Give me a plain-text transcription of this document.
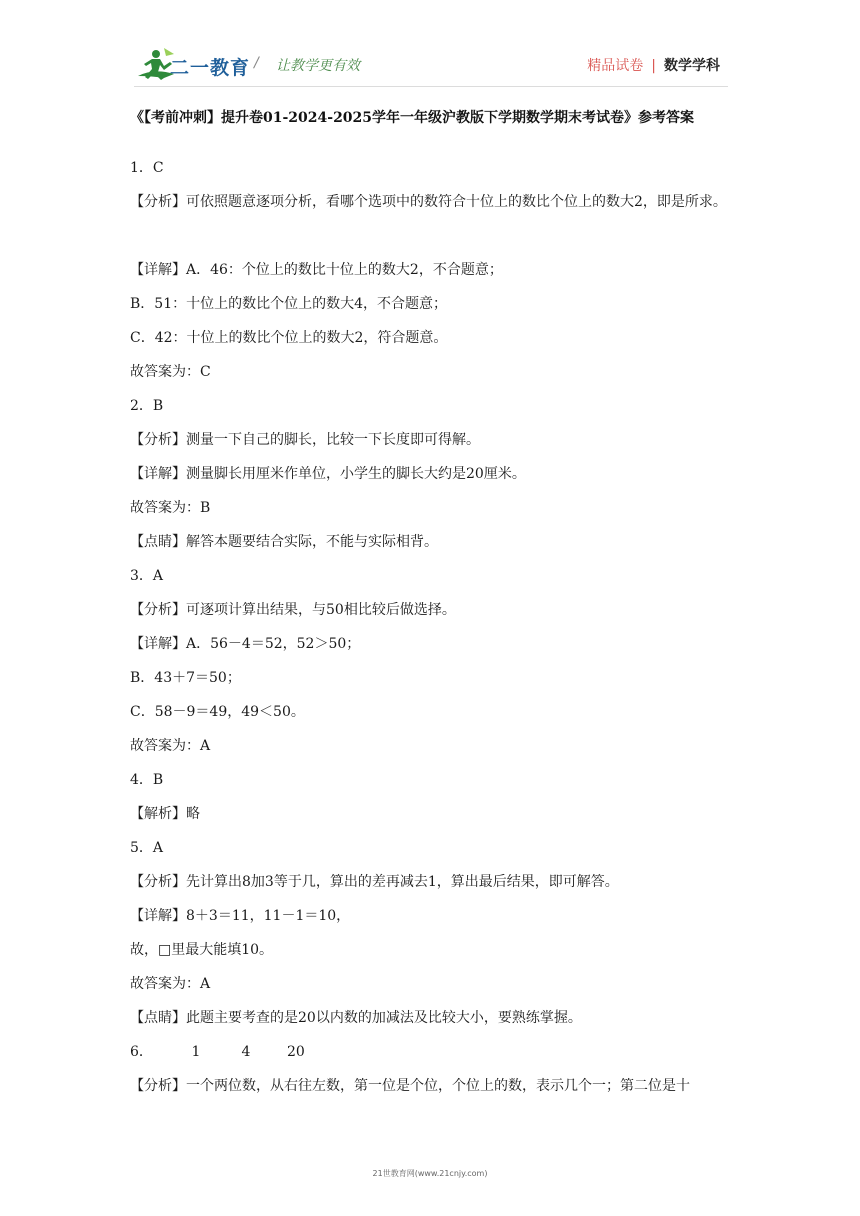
二一教育 / 让教学更有效	精品试卷 | 数学学科
《【考前冲刺】提升卷01-2024-2025学年一年级沪教版下学期数学期末考试卷》参考答案
1．C
【分析】可依照题意逐项分析，看哪个选项中的数符合十位上的数比个位上的数大2，即是所求。
【详解】A．46：个位上的数比十位上的数大2，不合题意；
B．51：十位上的数比个位上的数大4，不合题意；
C．42：十位上的数比个位上的数大2，符合题意。
故答案为：C
2．B
【分析】测量一下自己的脚长，比较一下长度即可得解。
【详解】测量脚长用厘米作单位，小学生的脚长大约是20厘米。
故答案为：B
【点睛】解答本题要结合实际，不能与实际相背。
3．A
【分析】可逐项计算出结果，与50相比较后做选择。
【详解】A．56－4＝52，52＞50；
B．43＋7＝50；
C．58－9＝49，49＜50。
故答案为：A
4．B
【解析】略
5．A
【分析】先计算出8加3等于几，算出的差再减去1，算出最后结果，即可解答。
【详解】8＋3＝11，11－1＝10，
故，□里最大能填10。
故答案为：A
【点睛】此题主要考查的是20以内数的加减法及比较大小，要熟练掌握。
6．	1	4	20
【分析】一个两位数，从右往左数，第一位是个位，个位上的数，表示几个一；第二位是十
21世教育网(www.21cnjy.com)
